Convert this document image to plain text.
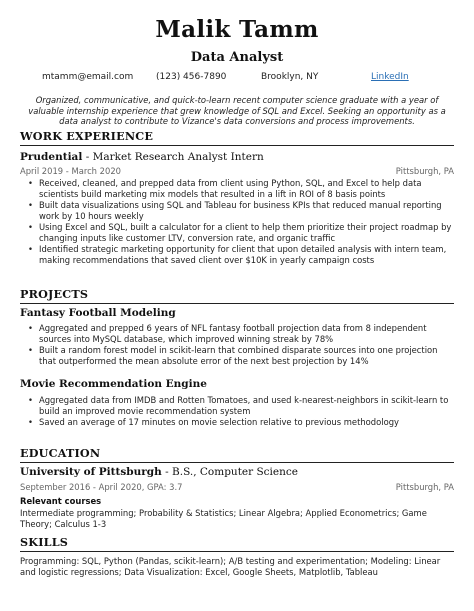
Malik Tamm
Data Analyst
mtamm@email.com	(123) 456-7890	Brooklyn, NY	LinkedIn
Organized, communicative, and quick-to-learn recent computer science graduate with a year of valuable internship experience that grew knowledge of SQL and Excel. Seeking an opportunity as a data analyst to contribute to Vizance's data conversions and process improvements.
WORK EXPERIENCE
Prudential - Market Research Analyst Intern
April 2019 - March 2020	Pittsburgh, PA
• Received, cleaned, and prepped data from client using Python, SQL, and Excel to help data scientists build marketing mix models that resulted in a lift in ROI of 8 basis points
• Built data visualizations using SQL and Tableau for business KPIs that reduced manual reporting work by 10 hours weekly
• Using Excel and SQL, built a calculator for a client to help them prioritize their project roadmap by changing inputs like customer LTV, conversion rate, and organic traffic
• Identified strategic marketing opportunity for client that upon detailed analysis with intern team, making recommendations that saved client over $10K in yearly campaign costs
PROJECTS
Fantasy Football Modeling
• Aggregated and prepped 6 years of NFL fantasy football projection data from 8 independent sources into MySQL database, which improved winning streak by 78%
• Built a random forest model in scikit-learn that combined disparate sources into one projection that outperformed the mean absolute error of the next best projection by 14%
Movie Recommendation Engine
• Aggregated data from IMDB and Rotten Tomatoes, and used k-nearest-neighbors in scikit-learn to build an improved movie recommendation system
• Saved an average of 17 minutes on movie selection relative to previous methodology
EDUCATION
University of Pittsburgh - B.S., Computer Science
September 2016 - April 2020, GPA: 3.7	Pittsburgh, PA
Relevant courses
Intermediate programming; Probability & Statistics; Linear Algebra; Applied Econometrics; Game Theory; Calculus 1-3
SKILLS
Programming: SQL, Python (Pandas, scikit-learn); A/B testing and experimentation; Modeling: Linear and logistic regressions; Data Visualization: Excel, Google Sheets, Matplotlib, Tableau
